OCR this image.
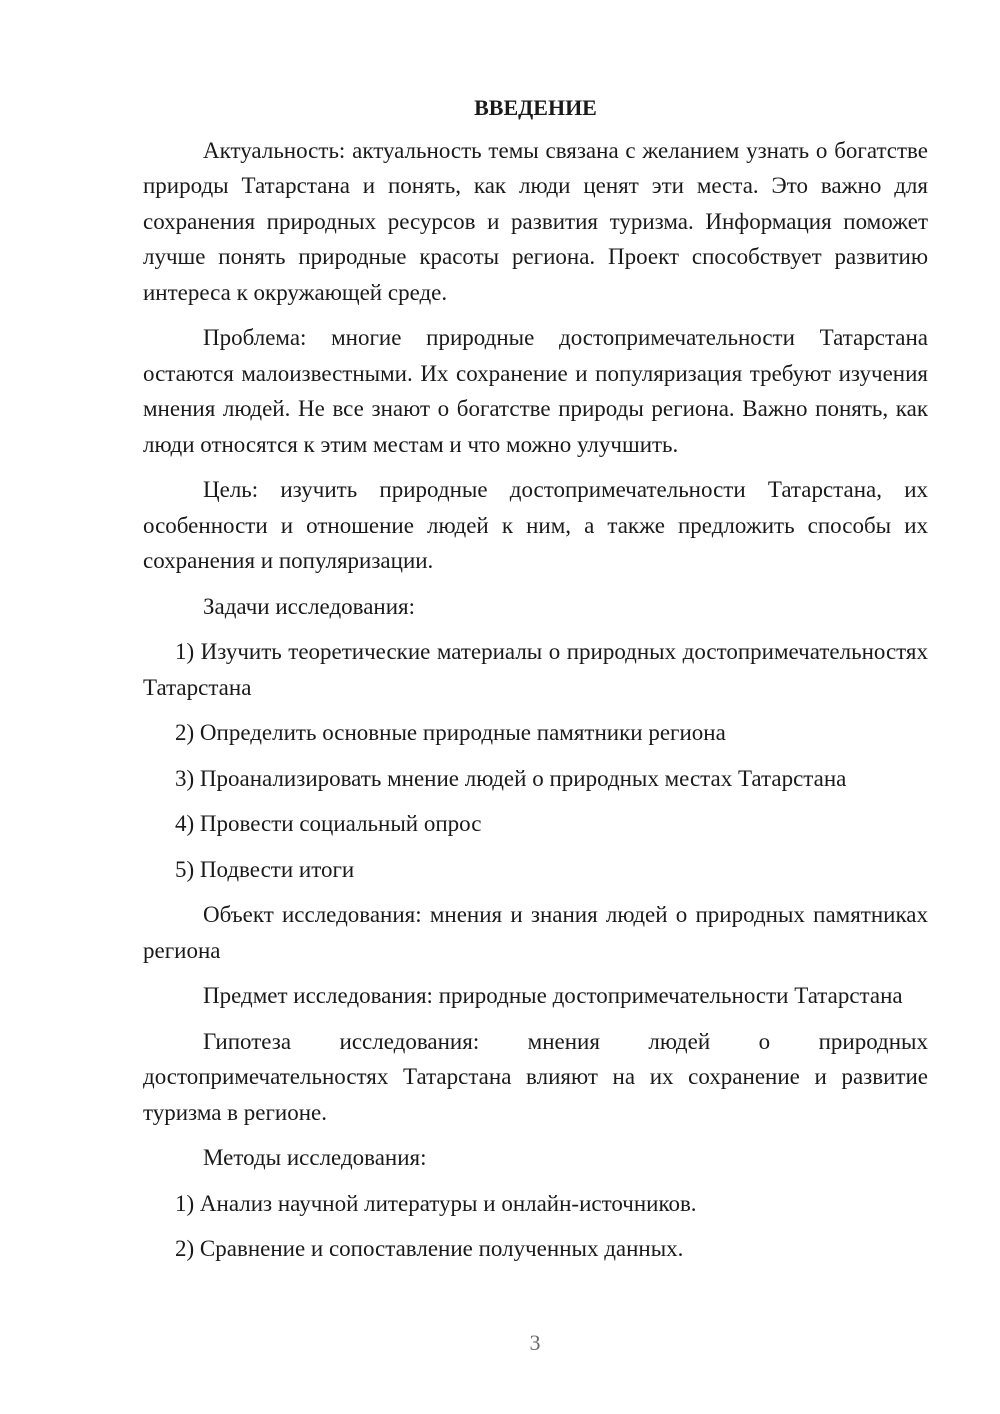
ВВЕДЕНИЕ
Актуальность: актуальность темы связана с желанием узнать о богатстве природы Татарстана и понять, как люди ценят эти места. Это важно для сохранения природных ресурсов и развития туризма. Информация поможет лучше понять природные красоты региона. Проект способствует развитию интереса к окружающей среде.
Проблема: многие природные достопримечательности Татарстана остаются малоизвестными. Их сохранение и популяризация требуют изучения мнения людей. Не все знают о богатстве природы региона. Важно понять, как люди относятся к этим местам и что можно улучшить.
Цель: изучить природные достопримечательности Татарстана, их особенности и отношение людей к ним, а также предложить способы их сохранения и популяризации.
Задачи исследования:
1) Изучить теоретические материалы о природных достопримечательностях Татарстана
2) Определить основные природные памятники региона
3) Проанализировать мнение людей о природных местах Татарстана
4) Провести социальный опрос
5) Подвести итоги
Объект исследования: мнения и знания людей о природных памятниках региона
Предмет исследования: природные достопримечательности Татарстана
Гипотеза исследования: мнения людей о природных достопримечательностях Татарстана влияют на их сохранение и развитие туризма в регионе.
Методы исследования:
1) Анализ научной литературы и онлайн-источников.
2) Сравнение и сопоставление полученных данных.
3
